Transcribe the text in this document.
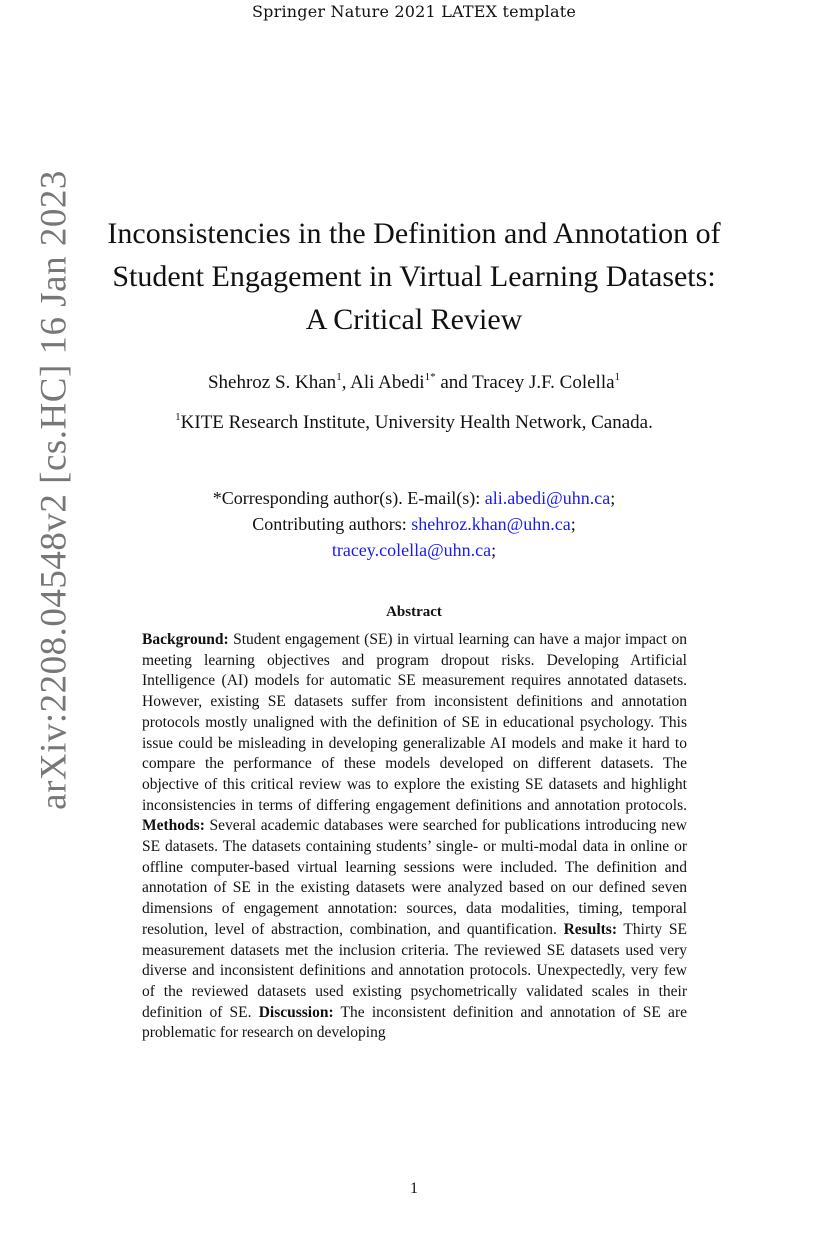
Springer Nature 2021 LATEX template
arXiv:2208.04548v2 [cs.HC] 16 Jan 2023 Inconsistencies in the Definition and Annotation of Student Engagement in Virtual Learning Datasets: A Critical Review
Shehroz S. Khan$^1$, Ali Abedi$^{1*}$ and Tracey J.F. Colella$^1$
$^1$KITE Research Institute, University Health Network, Canada.
*Corresponding author(s). E-mail(s): ali.abedi@uhn.ca;
Contributing authors: shehroz.khan@uhn.ca;
tracey.colella@uhn.ca;
Abstract
Background: Student engagement (SE) in virtual learning can have a major impact on meeting learning objectives and program dropout risks. Developing Artificial Intelligence (AI) models for automatic SE measurement requires annotated datasets. However, existing SE datasets suffer from inconsistent definitions and annotation protocols mostly unaligned with the definition of SE in educational psychology. This issue could be misleading in developing generalizable AI models and make it hard to compare the performance of these models developed on different datasets. The objective of this critical review was to explore the existing SE datasets and highlight inconsistencies in terms of differing engagement definitions and annotation protocols. Methods: Several academic databases were searched for publications introducing new SE datasets. The datasets containing students’ single- or multi-modal data in online or offline computer-based virtual learning sessions were included. The definition and annotation of SE in the existing datasets were analyzed based on our defined seven dimensions of engagement annotation: sources, data modalities, timing, temporal resolution, level of abstraction, combination, and quantification. Results: Thirty SE measurement datasets met the inclusion criteria. The reviewed SE datasets used very diverse and inconsistent definitions and annotation protocols. Unexpectedly, very few of the reviewed datasets used existing psychometrically validated scales in their definition of SE. Discussion: The inconsistent definition and annotation of SE are problematic for research on developing
1
